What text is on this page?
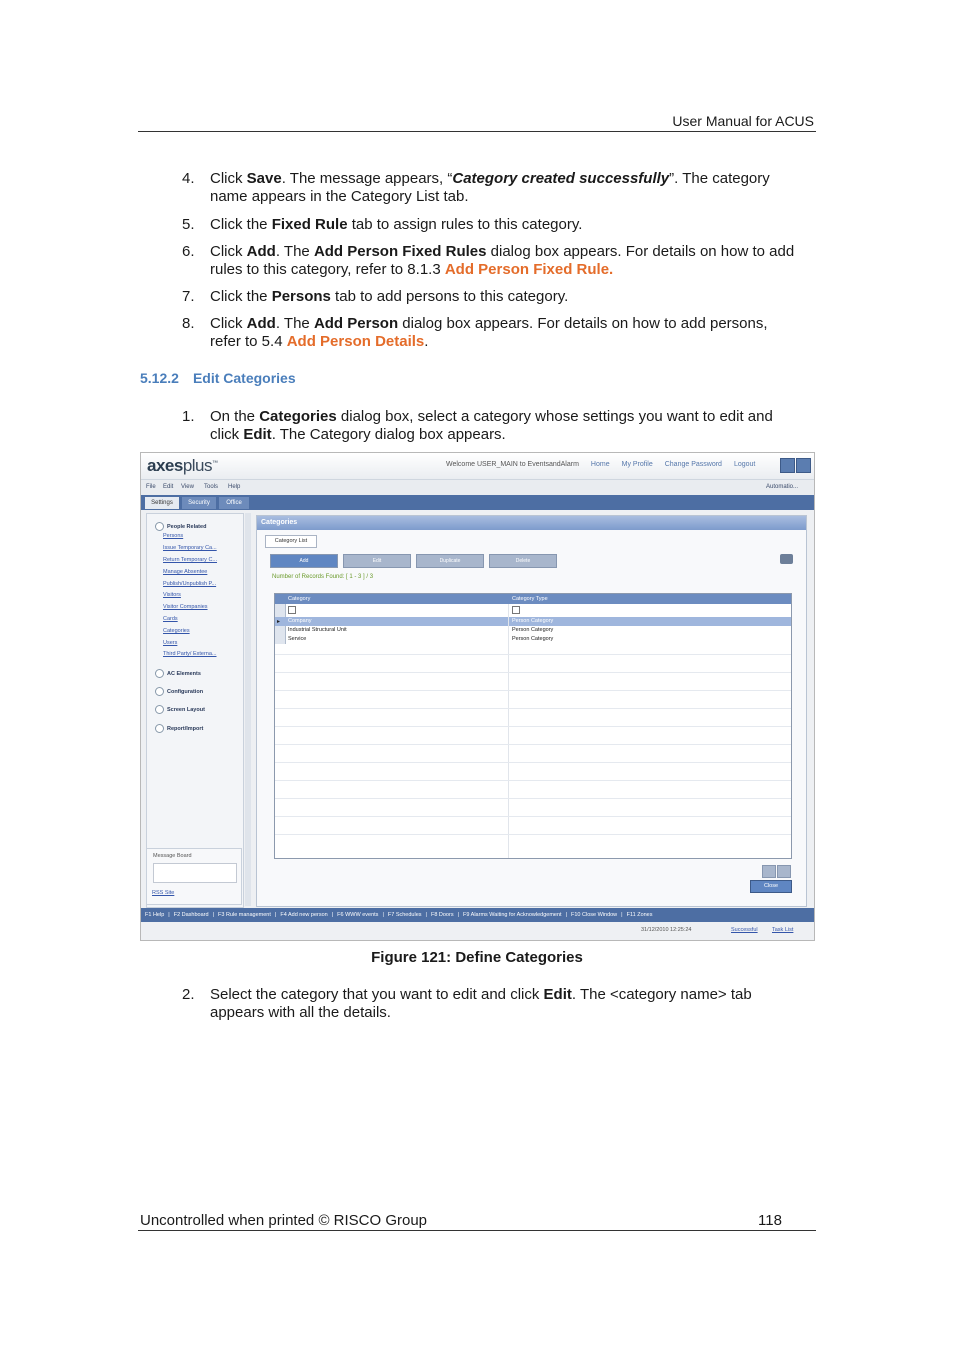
User Manual for ACUS
4. Click Save. The message appears, “Category created successfully”. The category name appears in the Category List tab.
5. Click the Fixed Rule tab to assign rules to this category.
6. Click Add. The Add Person Fixed Rules dialog box appears. For details on how to add rules to this category, refer to 8.1.3 Add Person Fixed Rule.
7. Click the Persons tab to add persons to this category.
8. Click Add. The Add Person dialog box appears. For details on how to add persons, refer to 5.4 Add Person Details.
5.12.2 Edit Categories
1. On the Categories dialog box, select a category whose settings you want to edit and click Edit. The Category dialog box appears.
axesplus™	Welcome USER_MAIN to EventsandAlarm Home My Profile Change Password Logout
File Edit View Tools Help	Automatio...
Settings	Security	Office
People Related
Persons
Issue Temporary Ca...
Return Temporary C...
Manage Absentee
Publish/Unpublish P...
Visitors
Visitor Companies
Cards
Categories
Users
Third Party/ Externa...
AC Elements
Configuration
Screen Layout
Report/Import
Message Board
RSS Site
Categories
Category List
Add	Edit	Duplicate	Delete
Number of Records Found: [ 1 - 3 ] / 3
Category	Category Type
▸ Company	Person Category
Industrial Structural Unit	Person Category
Service	Person Category
Close
F1 Help | F2 Dashboard | F3 Rule management | F4 Add new person | F6 WWW events | F7 Schedules | F8 Doors | F9 Alarms Waiting for Acknowledgement | F10 Close Window | F11 Zones
31/12/2010 12:25:24	Successful	Task List
Figure 121: Define Categories
2. Select the category that you want to edit and click Edit. The <category name> tab appears with all the details.
Uncontrolled when printed © RISCO Group	118
